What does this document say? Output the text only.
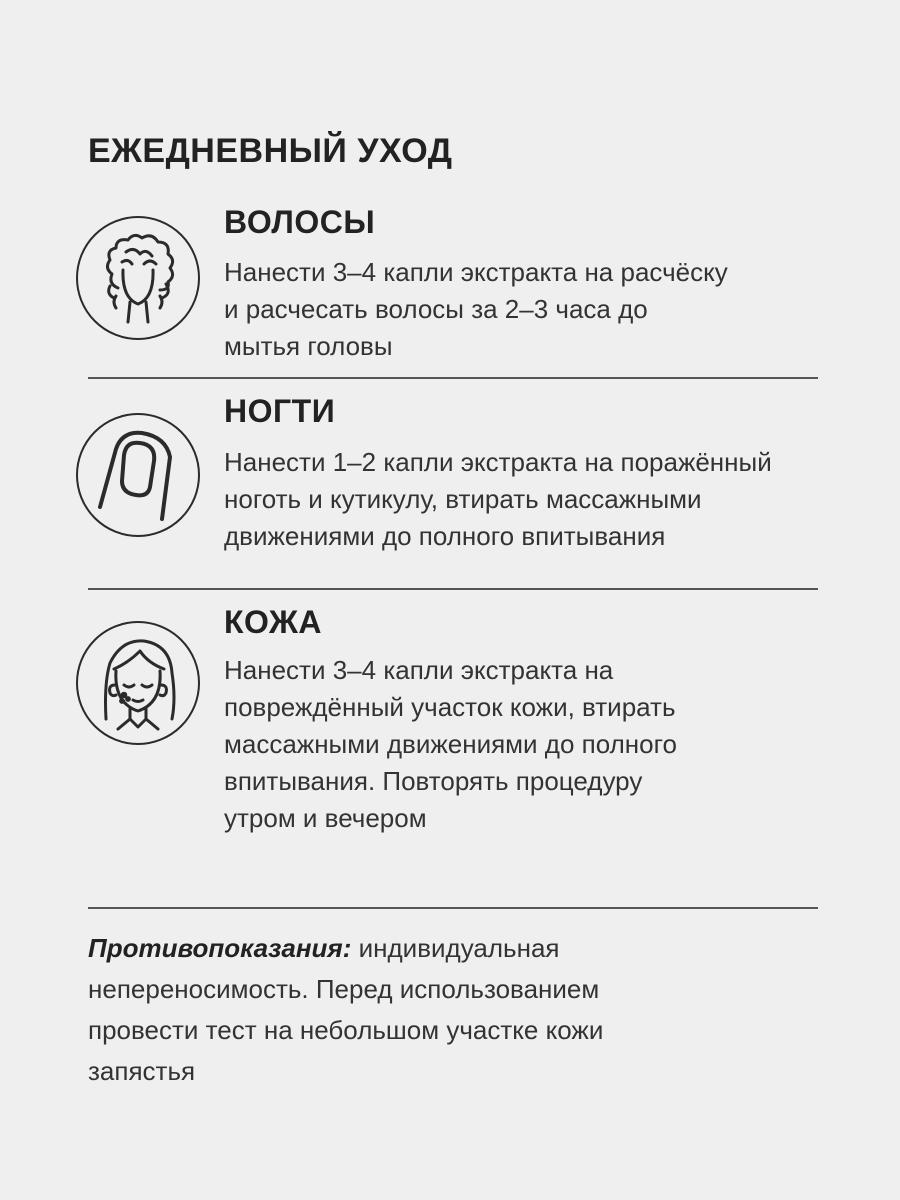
ЕЖЕДНЕВНЫЙ УХОД
ВОЛОСЫ
Нанести 3–4 капли экстракта на расчёску
и расчесать волосы за 2–3 часа до
мытья головы
НОГТИ
Нанести 1–2 капли экстракта на поражённый
ноготь и кутикулу, втирать массажными
движениями до полного впитывания
КОЖА
Нанести 3–4 капли экстракта на
повреждённый участок кожи, втирать
массажными движениями до полного
впитывания. Повторять процедуру
утром и вечером
Противопоказания: индивидуальная
непереносимость. Перед использованием
провести тест на небольшом участке кожи
запястья
